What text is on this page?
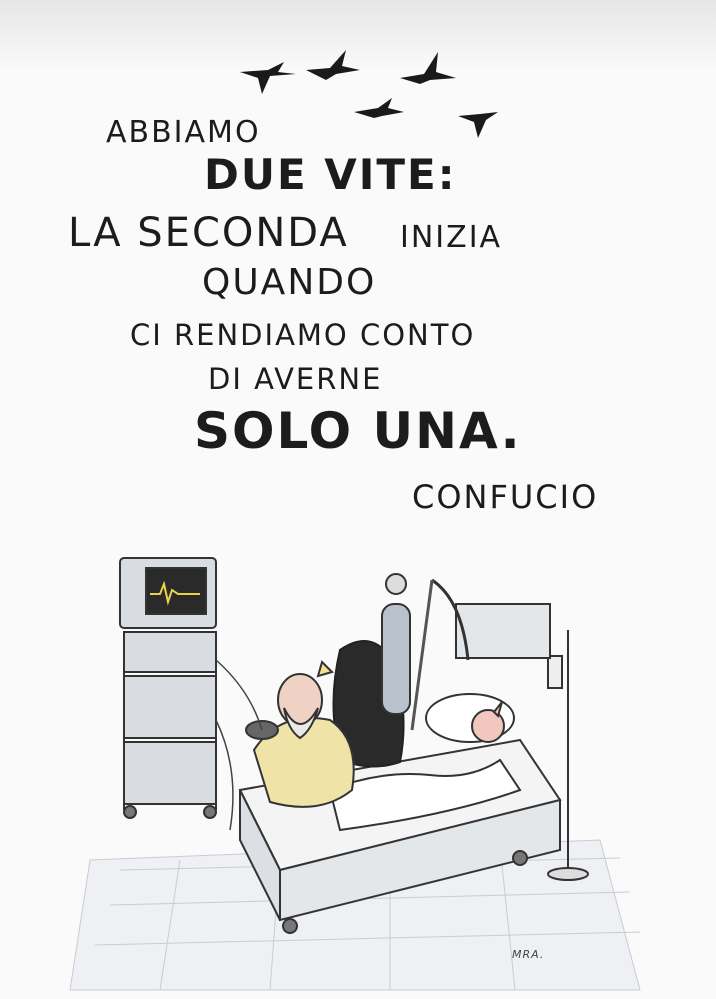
ABBIAMO
DUE VITE:
LA SECONDA INIZIA
QUANDO
CI RENDIAMO CONTO
DI AVERNE
SOLO UNA.
CONFUCIO
MRA.
